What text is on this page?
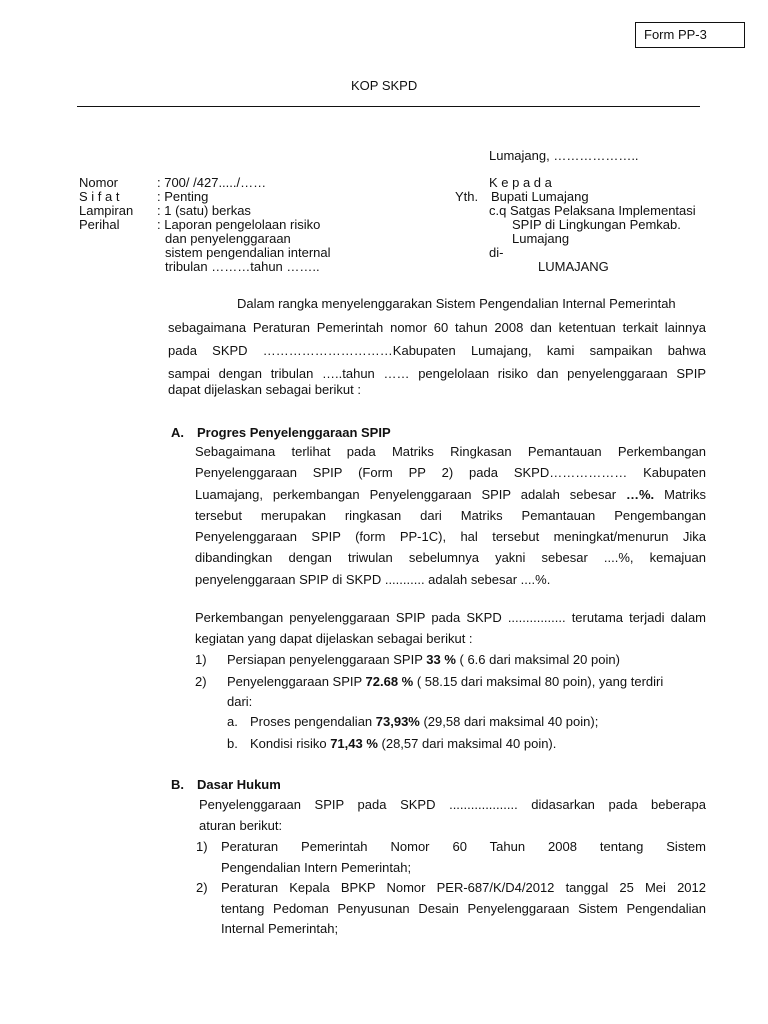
Form PP-3
KOP SKPD
Lumajang, ………………..
Nomor	: 700/ /427...../……
S i f a t	: Penting
Lampiran : 1 (satu) berkas
Perihal	: Laporan pengelolaan risiko
dan penyelenggaraan
sistem pengendalian internal
tribulan ………tahun ……..
K e p a d a
Yth. Bupati Lumajang
c.q Satgas Pelaksana Implementasi
SPIP di Lingkungan Pemkab.
Lumajang
di-
LUMAJANG
Dalam rangka menyelenggarakan Sistem Pengendalian Internal Pemerintah
sebagaimana Peraturan Pemerintah nomor 60 tahun 2008 dan ketentuan terkait lainnya
pada SKPD …………………………Kabupaten Lumajang, kami sampaikan bahwa
sampai dengan tribulan …..tahun …… pengelolaan risiko dan penyelenggaraan SPIP
dapat dijelaskan sebagai berikut :
A. Progres Penyelenggaraan SPIP
Sebagaimana terlihat pada Matriks Ringkasan Pemantauan Perkembangan
Penyelenggaraan SPIP (Form PP 2) pada SKPD……………… Kabupaten
Luamajang, perkembangan Penyelenggaraan SPIP adalah sebesar …%. Matriks
tersebut merupakan ringkasan dari Matriks Pemantauan Pengembangan
Penyelenggaraan SPIP (form PP-1C), hal tersebut meningkat/menurun Jika
dibandingkan dengan triwulan sebelumnya yakni sebesar ....%, kemajuan
penyelenggaraan SPIP di SKPD ........... adalah sebesar ....%.
Perkembangan penyelenggaraan SPIP pada SKPD ................ terutama terjadi dalam
kegiatan yang dapat dijelaskan sebagai berikut :
1) Persiapan penyelenggaraan SPIP 33 % ( 6.6 dari maksimal 20 poin)
2) Penyelenggaraan SPIP 72.68 % ( 58.15 dari maksimal 80 poin), yang terdiri
dari:
a. Proses pengendalian 73,93% (29,58 dari maksimal 40 poin);
b. Kondisi risiko 71,43 % (28,57 dari maksimal 40 poin).
B. Dasar Hukum
Penyelenggaraan SPIP pada SKPD ................... didasarkan pada beberapa
aturan berikut:
1) Peraturan Pemerintah Nomor 60 Tahun 2008 tentang Sistem
Pengendalian Intern Pemerintah;
2) Peraturan Kepala BPKP Nomor PER-687/K/D4/2012 tanggal 25 Mei 2012
tentang Pedoman Penyusunan Desain Penyelenggaraan Sistem Pengendalian
Internal Pemerintah;
